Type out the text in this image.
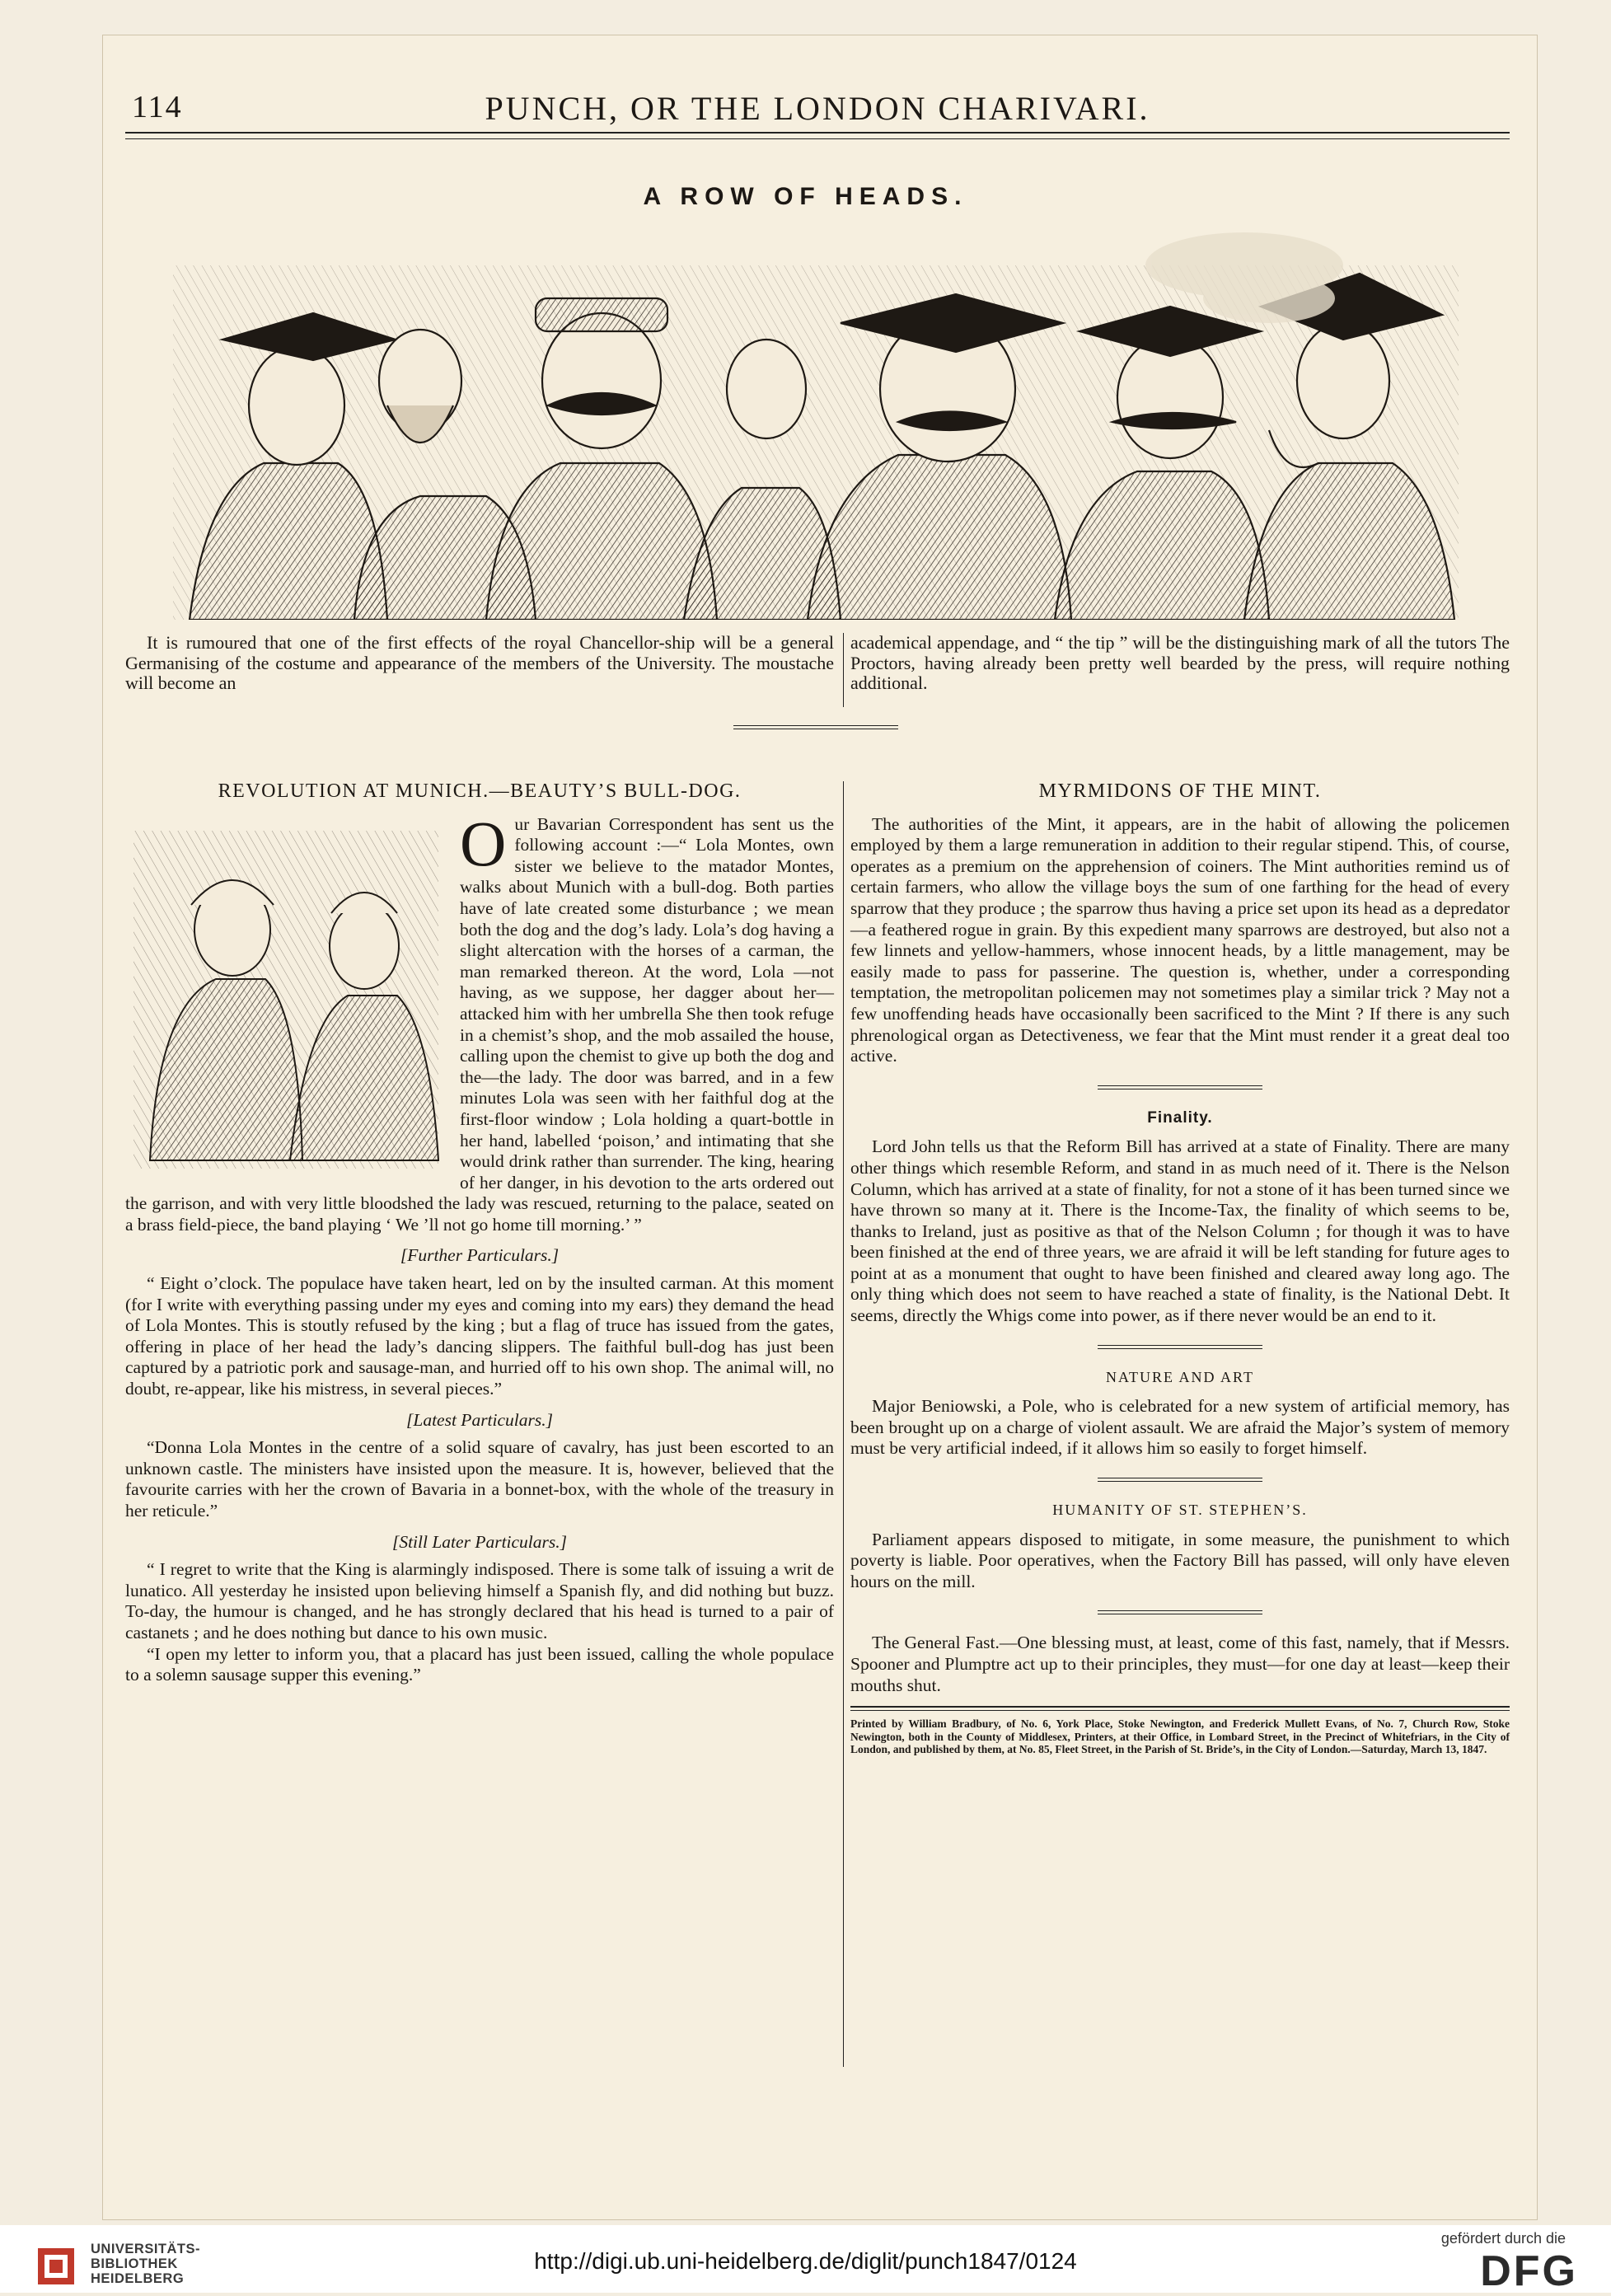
114	PUNCH, OR THE LONDON CHARIVARI.
A ROW OF HEADS.

It is rumoured that one of the first effects of the royal Chancellor-ship will be a general Germanising of the costume and appearance of the members of the University. The moustache will become an

academical appendage, and “ the tip ” will be the distinguishing mark of all the tutors The Proctors, having already been pretty well bearded by the press, will require nothing additional.

REVOLUTION AT MUNICH.—BEAUTY’S BULL-DOG.

Our Bavarian Correspondent has sent us the following account :—“ Lola Montes, own sister we believe to the matador Montes, walks about Munich with a bull-dog. Both parties have of late created some disturbance ; we mean both the dog and the dog’s lady. Lola’s dog having a slight altercation with the horses of a carman, the man remarked thereon. At the word, Lola —not having, as we suppose, her dagger about her—attacked him with her umbrella She then took refuge in a chemist’s shop, and the mob assailed the house, calling upon the chemist to give up both the dog and the—the lady. The door was barred, and in a few minutes Lola was seen with her faithful dog at the first-floor window ; Lola holding a quart-bottle in her hand, labelled ‘poison,’ and intimating that she would drink rather than surrender. The king, hearing of her danger, in his devotion to the arts ordered out the garrison, and with very little bloodshed the lady was rescued, returning to the palace, seated on a brass field-piece, the band playing ‘ We ’ll not go home till morning.’ ”

[Further Particulars.]

“ Eight o’clock. The populace have taken heart, led on by the insulted carman. At this moment (for I write with everything passing under my eyes and coming into my ears) they demand the head of Lola Montes. This is stoutly refused by the king ; but a flag of truce has issued from the gates, offering in place of her head the lady’s dancing slippers. The faithful bull-dog has just been captured by a patriotic pork and sausage-man, and hurried off to his own shop. The animal will, no doubt, re-appear, like his mistress, in several pieces.”

[Latest Particulars.]

“Donna Lola Montes in the centre of a solid square of cavalry, has just been escorted to an unknown castle. The ministers have insisted upon the measure. It is, however, believed that the favourite carries with her the crown of Bavaria in a bonnet-box, with the whole of the treasury in her reticule.”

[Still Later Particulars.]

“ I regret to write that the King is alarmingly indisposed. There is some talk of issuing a writ de lunatico. All yesterday he insisted upon believing himself a Spanish fly, and did nothing but buzz. To-day, the humour is changed, and he has strongly declared that his head is turned to a pair of castanets ; and he does nothing but dance to his own music.

“I open my letter to inform you, that a placard has just been issued, calling the whole populace to a solemn sausage supper this evening.”

MYRMIDONS OF THE MINT.

The authorities of the Mint, it appears, are in the habit of allowing the policemen employed by them a large remuneration in addition to their regular stipend. This, of course, operates as a premium on the apprehension of coiners. The Mint authorities remind us of certain farmers, who allow the village boys the sum of one farthing for the head of every sparrow that they produce ; the sparrow thus having a price set upon its head as a depredator—a feathered rogue in grain. By this expedient many sparrows are destroyed, but also not a few linnets and yellow-hammers, whose innocent heads, by a little management, may be easily made to pass for passerine. The question is, whether, under a corresponding temptation, the metropolitan policemen may not sometimes play a similar trick ? May not a few unoffending heads have occasionally been sacrificed to the Mint ? If there is any such phrenological organ as Detectiveness, we fear that the Mint must render it a great deal too active.

Finality.

Lord John tells us that the Reform Bill has arrived at a state of Finality. There are many other things which resemble Reform, and stand in as much need of it. There is the Nelson Column, which has arrived at a state of finality, for not a stone of it has been turned since we have thrown so many at it. There is the Income-Tax, the finality of which seems to be, thanks to Ireland, just as positive as that of the Nelson Column ; for though it was to have been finished at the end of three years, we are afraid it will be left standing for future ages to point at as a monument that ought to have been finished and cleared away long ago. The only thing which does not seem to have reached a state of finality, is the National Debt. It seems, directly the Whigs come into power, as if there never would be an end to it.

NATURE AND ART

Major Beniowski, a Pole, who is celebrated for a new system of artificial memory, has been brought up on a charge of violent assault. We are afraid the Major’s system of memory must be very artificial indeed, if it allows him so easily to forget himself.

HUMANITY OF ST. STEPHEN’S.

Parliament appears disposed to mitigate, in some measure, the punishment to which poverty is liable. Poor operatives, when the Factory Bill has passed, will only have eleven hours on the mill.

The General Fast.—One blessing must, at least, come of this fast, namely, that if Messrs. Spooner and Plumptre act up to their principles, they must—for one day at least—keep their mouths shut.

Printed by William Bradbury, of No. 6, York Place, Stoke Newington, and Frederick Mullett Evans, of No. 7, Church Row, Stoke Newington, both in the County of Middlesex, Printers, at their Office, in Lombard Street, in the Precinct of Whitefriars, in the City of London, and published by them, at No. 85, Fleet Street, in the Parish of St. Bride’s, in the City of London.—Saturday, March 13, 1847.
UNIVERSITÄTS-
BIBLIOTHEK
HEIDELBERG
http://digi.ub.uni-heidelberg.de/diglit/punch1847/0124
gefördert durch die
DFG
